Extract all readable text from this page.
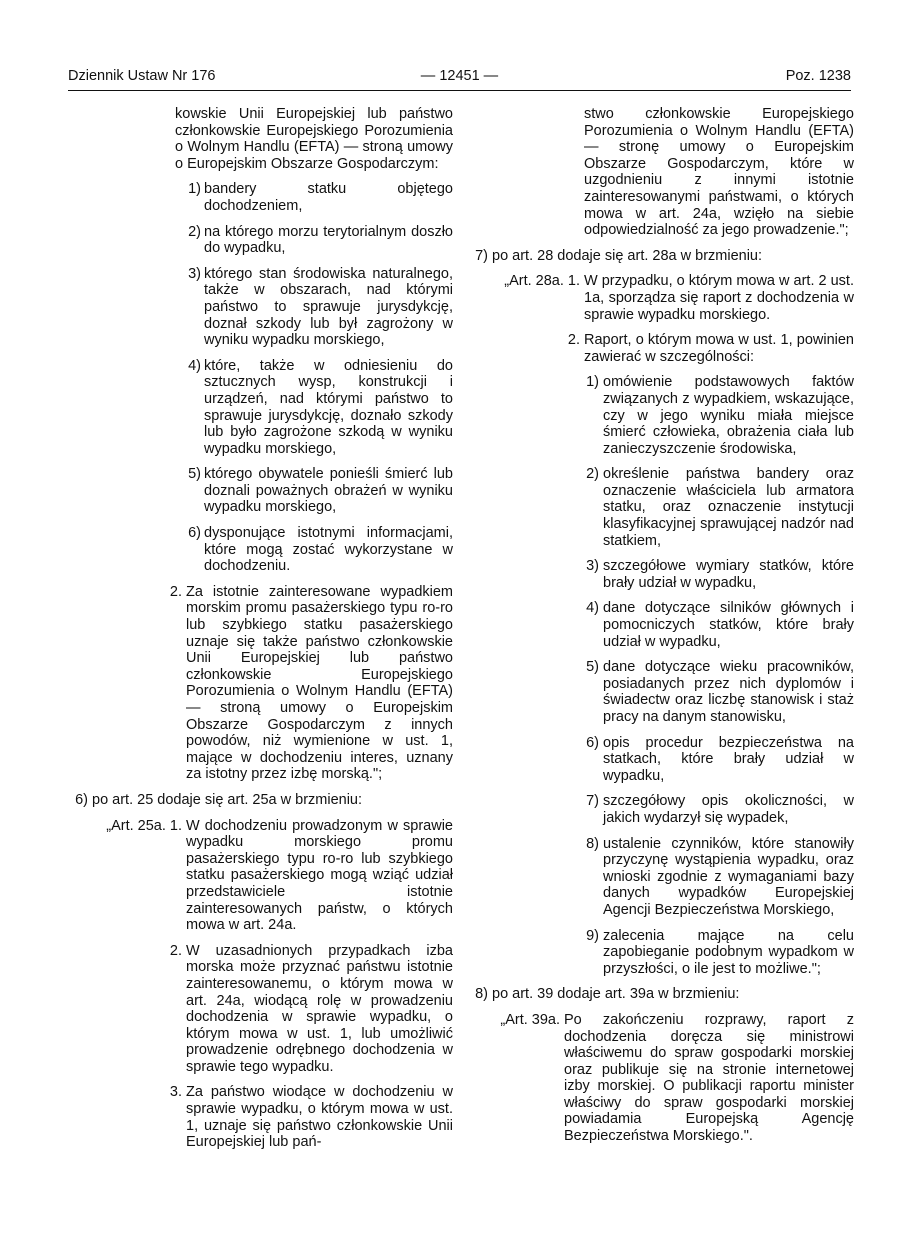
Dziennik Ustaw Nr 176	— 12451 —	Poz. 1238
kowskie Unii Europejskiej lub państwo członkowskie Europejskiego Porozumienia o Wolnym Handlu (EFTA) — stroną umowy o Europejskim Obszarze Gospodarczym:
1) bandery statku objętego dochodzeniem,
2) na którego morzu terytorialnym doszło do wypadku,
3) którego stan środowiska naturalnego, także w obszarach, nad którymi państwo to sprawuje jurysdykcję, doznał szkody lub był zagrożony w wyniku wypadku morskiego,
4) które, także w odniesieniu do sztucznych wysp, konstrukcji i urządzeń, nad którymi państwo to sprawuje jurysdykcję, doznało szkody lub było zagrożone szkodą w wyniku wypadku morskiego,
5) którego obywatele ponieśli śmierć lub doznali poważnych obrażeń w wyniku wypadku morskiego,
6) dysponujące istotnymi informacjami, które mogą zostać wykorzystane w dochodzeniu.
2. Za istotnie zainteresowane wypadkiem morskim promu pasażerskiego typu ro-ro lub szybkiego statku pasażerskiego uznaje się także państwo członkowskie Unii Europejskiej lub państwo członkowskie Europejskiego Porozumienia o Wolnym Handlu (EFTA) — stroną umowy o Europejskim Obszarze Gospodarczym z innych powodów, niż wymienione w ust. 1, mające w dochodzeniu interes, uznany za istotny przez izbę morską.";
6) po art. 25 dodaje się art. 25a w brzmieniu:
„Art. 25a. 1. W dochodzeniu prowadzonym w sprawie wypadku morskiego promu pasażerskiego typu ro-ro lub szybkiego statku pasażerskiego mogą wziąć udział przedstawiciele istotnie zainteresowanych państw, o których mowa w art. 24a.
2. W uzasadnionych przypadkach izba morska może przyznać państwu istotnie zainteresowanemu, o którym mowa w art. 24a, wiodącą rolę w prowadzeniu dochodzenia w sprawie wypadku, o którym mowa w ust. 1, lub umożliwić prowadzenie odrębnego dochodzenia w sprawie tego wypadku.
3. Za państwo wiodące w dochodzeniu w sprawie wypadku, o którym mowa w ust. 1, uznaje się państwo członkowskie Unii Europejskiej lub pań-
stwo członkowskie Europejskiego Porozumienia o Wolnym Handlu (EFTA) — stronę umowy o Europejskim Obszarze Gospodarczym, które w uzgodnieniu z innymi istotnie zainteresowanymi państwami, o których mowa w art. 24a, wzięło na siebie odpowiedzialność za jego prowadzenie.";
7) po art. 28 dodaje się art. 28a w brzmieniu:
„Art. 28a. 1. W przypadku, o którym mowa w art. 2 ust. 1a, sporządza się raport z dochodzenia w sprawie wypadku morskiego.
2. Raport, o którym mowa w ust. 1, powinien zawierać w szczególności:
1) omówienie podstawowych faktów związanych z wypadkiem, wskazujące, czy w jego wyniku miała miejsce śmierć człowieka, obrażenia ciała lub zanieczyszczenie środowiska,
2) określenie państwa bandery oraz oznaczenie właściciela lub armatora statku, oraz oznaczenie instytucji klasyfikacyjnej sprawującej nadzór nad statkiem,
3) szczegółowe wymiary statków, które brały udział w wypadku,
4) dane dotyczące silników głównych i pomocniczych statków, które brały udział w wypadku,
5) dane dotyczące wieku pracowników, posiadanych przez nich dyplomów i świadectw oraz liczbę stanowisk i staż pracy na danym stanowisku,
6) opis procedur bezpieczeństwa na statkach, które brały udział w wypadku,
7) szczegółowy opis okoliczności, w jakich wydarzył się wypadek,
8) ustalenie czynników, które stanowiły przyczynę wystąpienia wypadku, oraz wnioski zgodnie z wymaganiami bazy danych wypadków Europejskiej Agencji Bezpieczeństwa Morskiego,
9) zalecenia mające na celu zapobieganie podobnym wypadkom w przyszłości, o ile jest to możliwe.";
8) po art. 39 dodaje art. 39a w brzmieniu:
„Art. 39a. Po zakończeniu rozprawy, raport z dochodzenia doręcza się ministrowi właściwemu do spraw gospodarki morskiej oraz publikuje się na stronie internetowej izby morskiej. O publikacji raportu minister właściwy do spraw gospodarki morskiej powiadamia Europejską Agencję Bezpieczeństwa Morskiego.".
